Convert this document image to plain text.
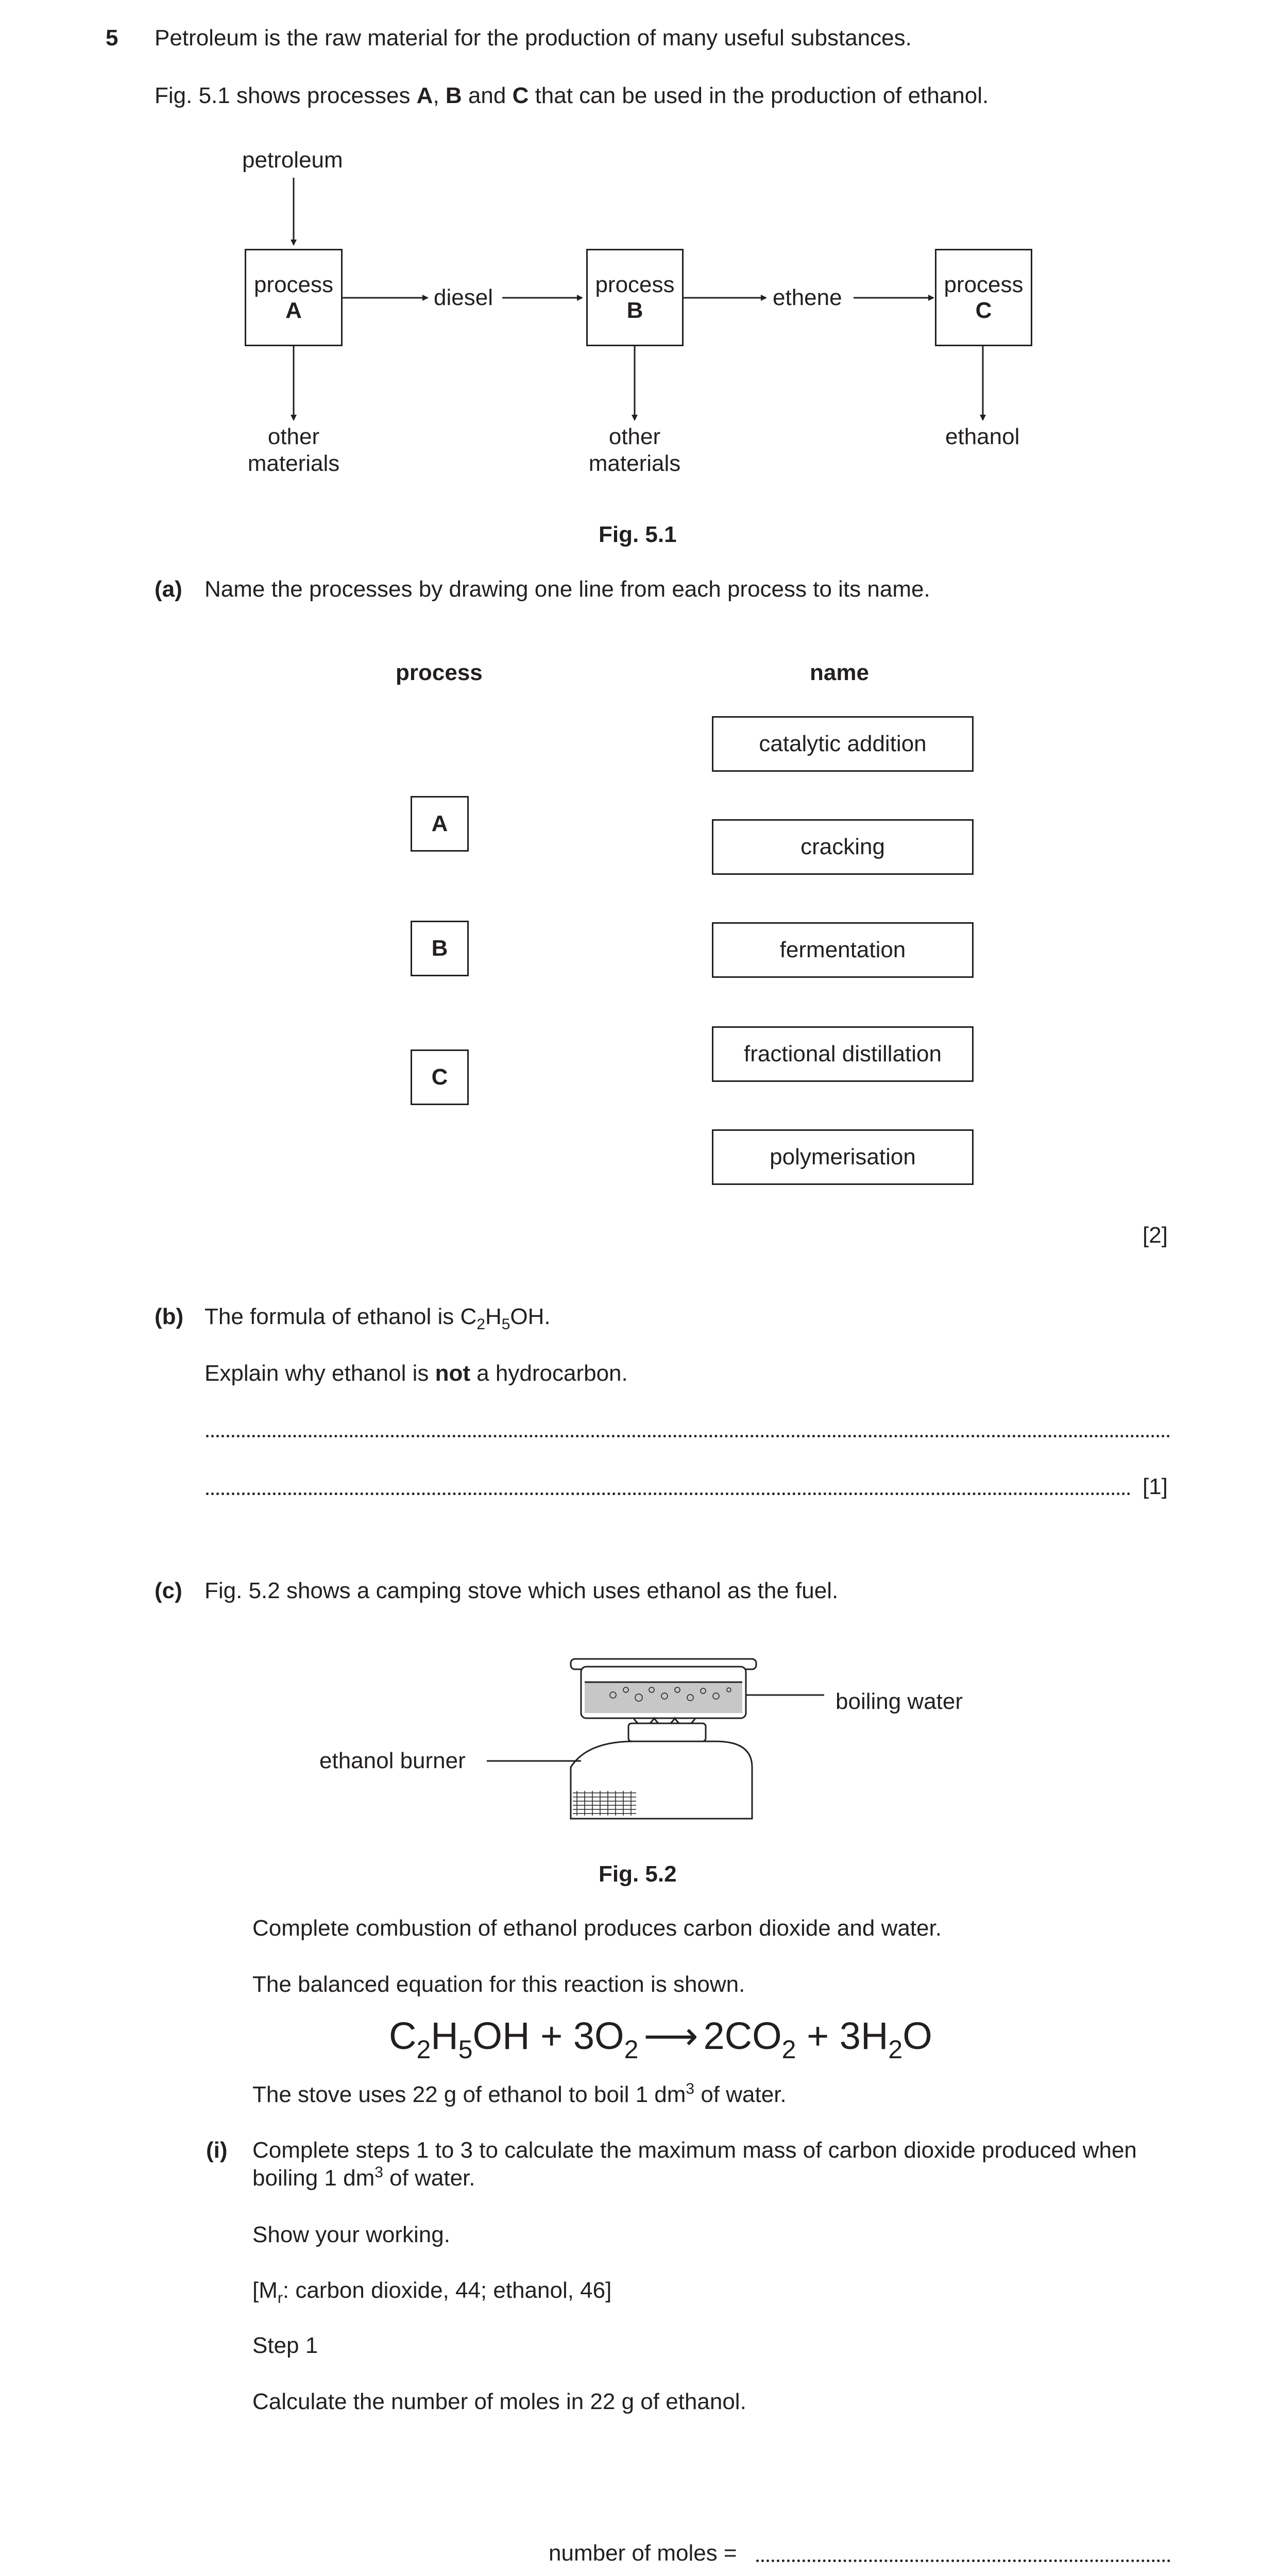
5 Petroleum is the raw material for the production of many useful substances.
Fig. 5.1 shows processes A, B and C that can be used in the production of ethanol.
petroleum
process
A
process
B
process
C
diesel	ethene
other
materials
other
materials
ethanol
Fig. 5.1
(a) Name the processes by drawing one line from each process to its name.
process	name
A
B
C
catalytic addition
cracking
fermentation
fractional distillation
polymerisation
[2]
(b) The formula of ethanol is $C_2H_5OH$.
Explain why ethanol is not a hydrocarbon.
[1]
(c) Fig. 5.2 shows a camping stove which uses ethanol as the fuel.
boiling water
ethanol burner
Fig. 5.2
Complete combustion of ethanol produces carbon dioxide and water.
The balanced equation for this reaction is shown.
$C_2H_5OH + 3O_2$ ⟶ $2CO_2 + 3H_2O$
The stove uses 22 g of ethanol to boil 1 $dm^3$ of water.
(i) Complete steps 1 to 3 to calculate the maximum mass of carbon dioxide produced when
boiling 1 $dm^3$ of water.
Show your working.
[$M_r$: carbon dioxide, 44; ethanol, 46]
Step 1
Calculate the number of moles in 22 g of ethanol.
number of moles =
